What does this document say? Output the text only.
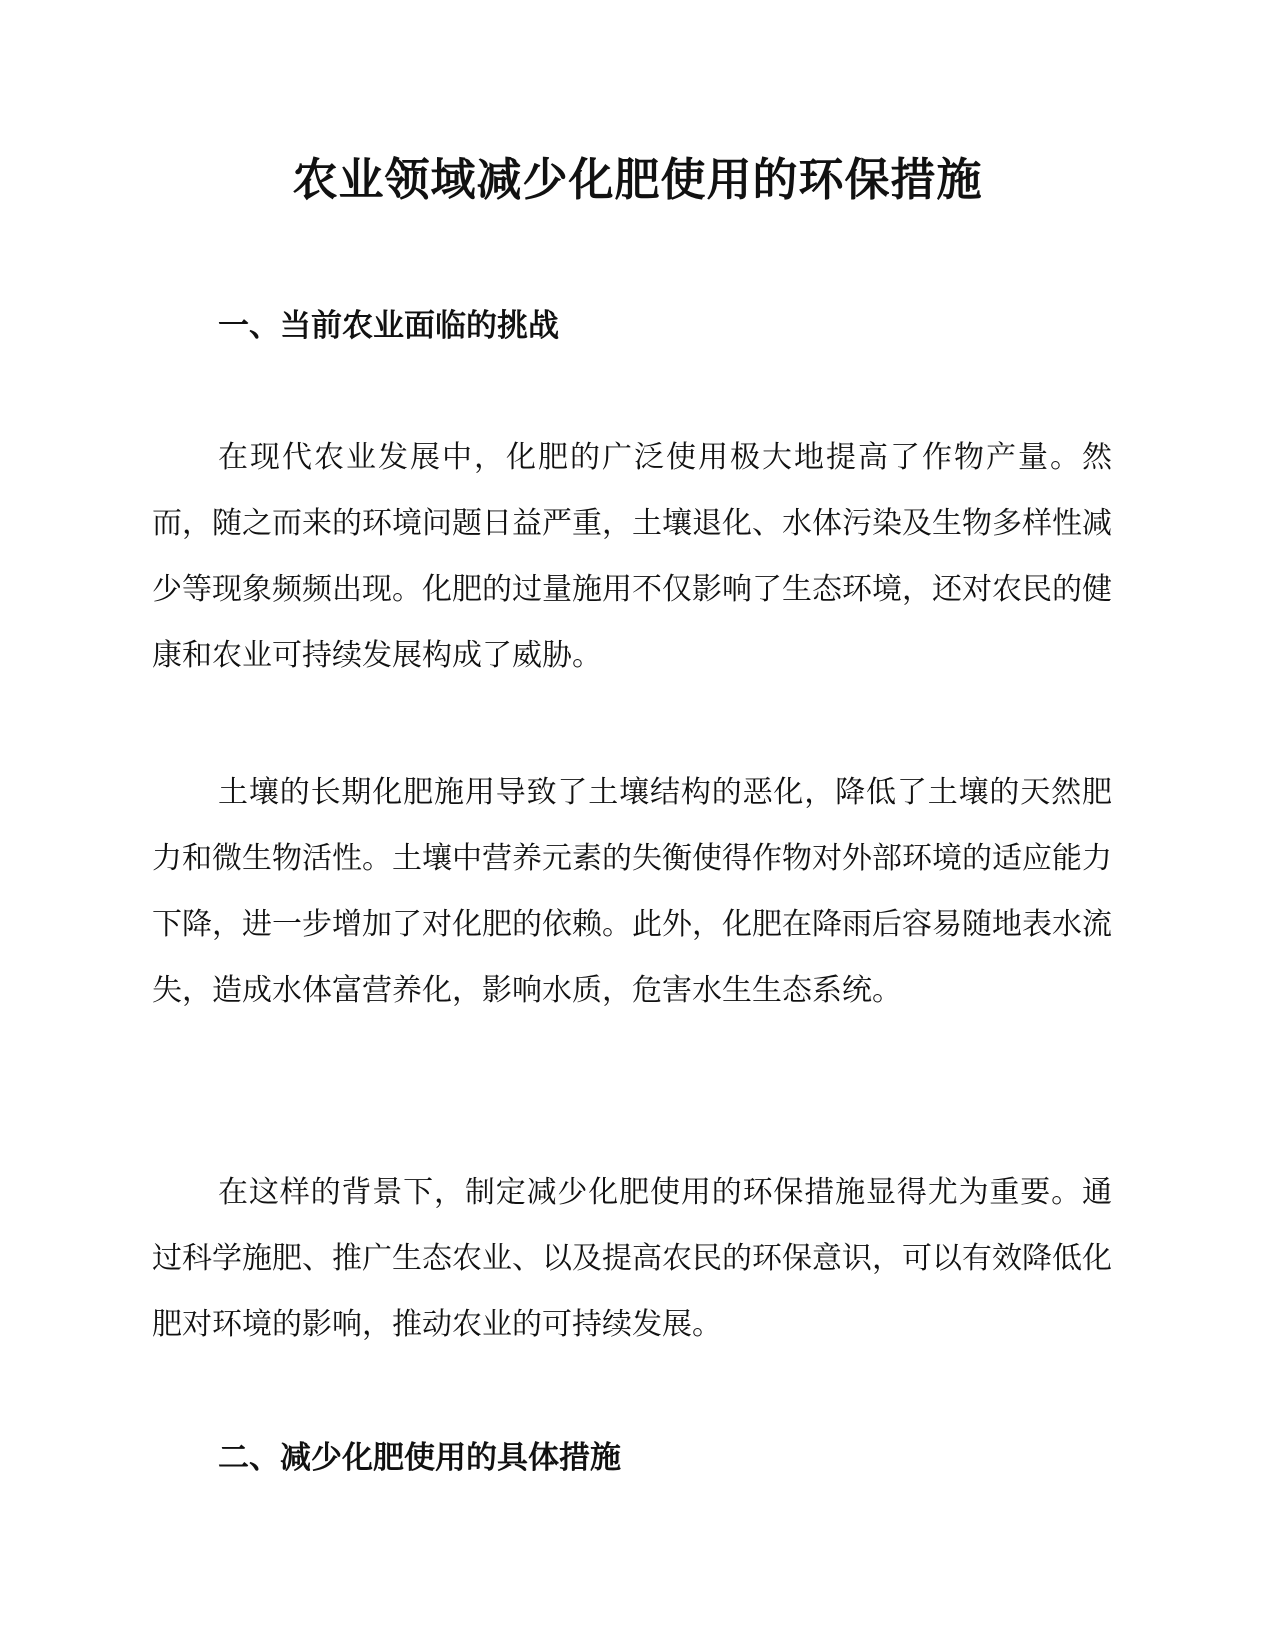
农业领域减少化肥使用的环保措施
一、当前农业面临的挑战

在现代农业发展中，化肥的广泛使用极大地提高了作物产量。然而，随之而来的环境问题日益严重，土壤退化、水体污染及生物多样性减少等现象频频出现。化肥的过量施用不仅影响了生态环境，还对农民的健康和农业可持续发展构成了威胁。

土壤的长期化肥施用导致了土壤结构的恶化，降低了土壤的天然肥力和微生物活性。土壤中营养元素的失衡使得作物对外部环境的适应能力下降，进一步增加了对化肥的依赖。此外，化肥在降雨后容易随地表水流失，造成水体富营养化，影响水质，危害水生生态系统。

在这样的背景下，制定减少化肥使用的环保措施显得尤为重要。通过科学施肥、推广生态农业、以及提高农民的环保意识，可以有效降低化肥对环境的影响，推动农业的可持续发展。

二、减少化肥使用的具体措施
